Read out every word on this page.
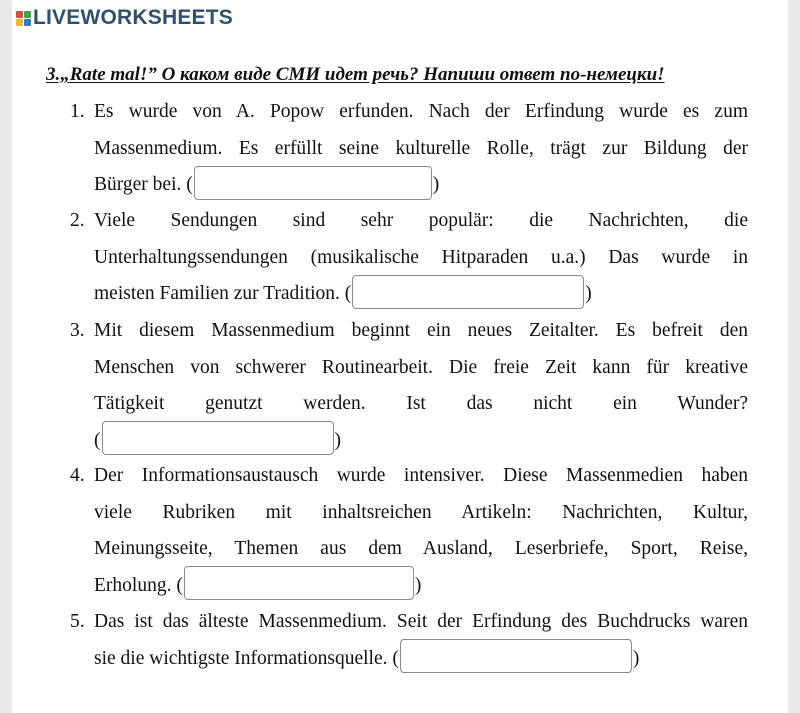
LIVEWORKSHEETS
3.„Rate mal!” О каком виде СМИ идет речь? Напиши ответ по-немецки!
1. Es wurde von A. Popow erfunden. Nach der Erfindung wurde es zum
Massenmedium. Es erfüllt seine kulturelle Rolle, trägt zur Bildung der
Bürger bei. (	)
2. Viele Sendungen sind sehr populär: die Nachrichten, die
Unterhaltungssendungen (musikalische Hitparaden u.a.) Das wurde in
meisten Familien zur Tradition. (	)
3. Mit diesem Massenmedium beginnt ein neues Zeitalter. Es befreit den
Menschen von schwerer Routinearbeit. Die freie Zeit kann für kreative
Tätigkeit genutzt werden. Ist das nicht ein Wunder?
(	)
4. Der Informationsaustausch wurde intensiver. Diese Massenmedien haben
viele Rubriken mit inhaltsreichen Artikeln: Nachrichten, Kultur,
Meinungsseite, Themen aus dem Ausland, Leserbriefe, Sport, Reise,
Erholung. (	)
5. Das ist das älteste Massenmedium. Seit der Erfindung des Buchdrucks waren
sie die wichtigste Informationsquelle. (	)
